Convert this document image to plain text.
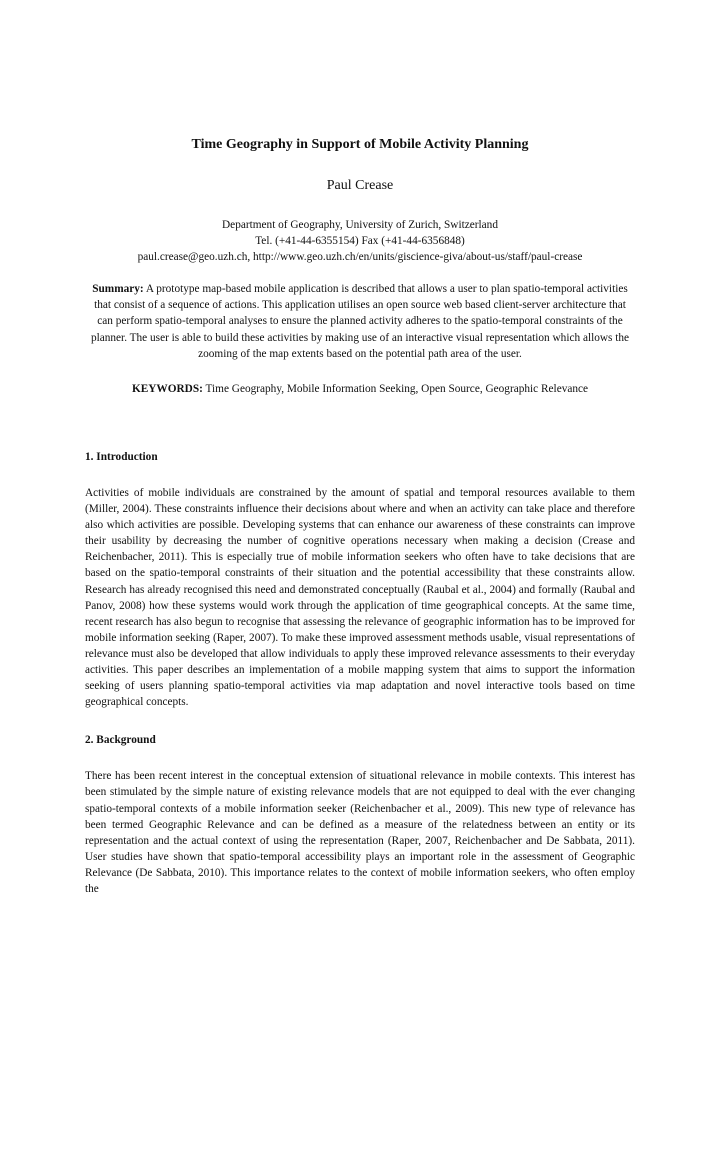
Time Geography in Support of Mobile Activity Planning
Paul Crease
Department of Geography, University of Zurich, Switzerland
Tel. (+41-44-6355154) Fax (+41-44-6356848)
paul.crease@geo.uzh.ch, http://www.geo.uzh.ch/en/units/giscience-giva/about-us/staff/paul-crease

Summary: A prototype map-based mobile application is described that allows a user to plan spatio-temporal activities that consist of a sequence of actions. This application utilises an open source web based client-server architecture that can perform spatio-temporal analyses to ensure the planned activity adheres to the spatio-temporal constraints of the planner. The user is able to build these activities by making use of an interactive visual representation which allows the zooming of the map extents based on the potential path area of the user.

KEYWORDS: Time Geography, Mobile Information Seeking, Open Source, Geographic Relevance

1. Introduction

Activities of mobile individuals are constrained by the amount of spatial and temporal resources available to them (Miller, 2004). These constraints influence their decisions about where and when an activity can take place and therefore also which activities are possible. Developing systems that can enhance our awareness of these constraints can improve their usability by decreasing the number of cognitive operations necessary when making a decision (Crease and Reichenbacher, 2011). This is especially true of mobile information seekers who often have to take decisions that are based on the spatio-temporal constraints of their situation and the potential accessibility that these constraints allow. Research has already recognised this need and demonstrated conceptually (Raubal et al., 2004) and formally (Raubal and Panov, 2008) how these systems would work through the application of time geographical concepts. At the same time, recent research has also begun to recognise that assessing the relevance of geographic information has to be improved for mobile information seeking (Raper, 2007). To make these improved assessment methods usable, visual representations of relevance must also be developed that allow individuals to apply these improved relevance assessments to their everyday activities. This paper describes an implementation of a mobile mapping system that aims to support the information seeking of users planning spatio-temporal activities via map adaptation and novel interactive tools based on time geographical concepts.

2. Background

There has been recent interest in the conceptual extension of situational relevance in mobile contexts. This interest has been stimulated by the simple nature of existing relevance models that are not equipped to deal with the ever changing spatio-temporal contexts of a mobile information seeker (Reichenbacher et al., 2009). This new type of relevance has been termed Geographic Relevance and can be defined as a measure of the relatedness between an entity or its representation and the actual context of using the representation (Raper, 2007, Reichenbacher and De Sabbata, 2011). User studies have shown that spatio-temporal accessibility plays an important role in the assessment of Geographic Relevance (De Sabbata, 2010). This importance relates to the context of mobile information seekers, who often employ the
